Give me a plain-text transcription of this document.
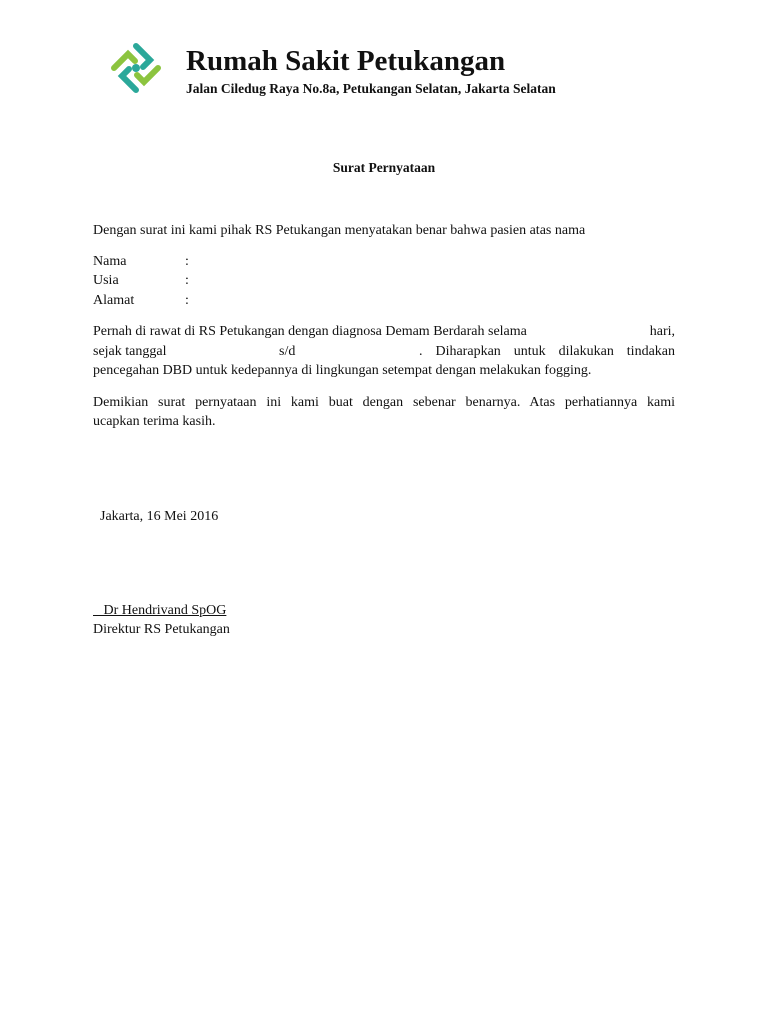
Rumah Sakit Petukangan
Jalan Ciledug Raya No.8a, Petukangan Selatan, Jakarta Selatan
Surat Pernyataan
Dengan surat ini kami pihak RS Petukangan menyatakan benar bahwa pasien atas nama
Nama	:
Usia	:
Alamat	:
Pernah di rawat di RS Petukangan dengan diagnosa Demam Berdarah selama	hari,
sejak tanggal	s/d	. Diharapkan untuk dilakukan tindakan
pencegahan DBD untuk kedepannya di lingkungan setempat dengan melakukan fogging.
Demikian surat pernyataan ini kami buat dengan sebenar benarnya. Atas perhatiannya kami
ucapkan terima kasih.
Jakarta, 16 Mei 2016
Dr Hendrivand SpOG
Direktur RS Petukangan
